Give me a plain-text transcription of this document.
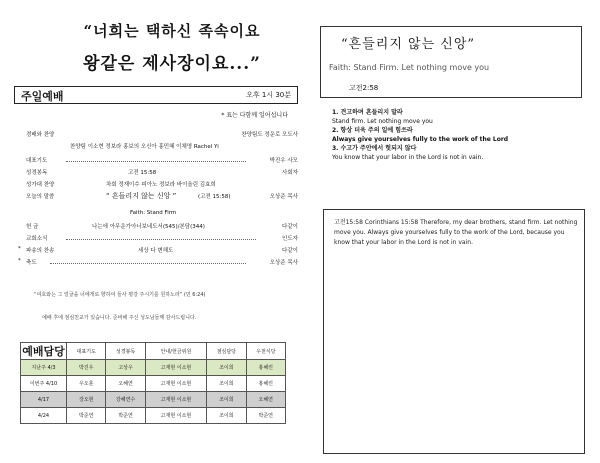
“너희는 택하신 족속이요
왕같은 제사장이요...”
주일예배	오후 1시 30분
* 표는 다함께 일어섭니다
경배와 찬양	찬양팀도 정운로 오도사
찬양팀 이소현 정보라 홍보의 오신아 홍민혜 이채영 Rachel Yi
대표기도	박진우 사모
성경봉독	고전 15:58	사회자
성가대 찬양	차회 정재이수 피아노 정보라 바이올린 김효희
오늘의 말씀	“ 흔들리지 않는 신앙 ”	(고전 15:58)	오상준 목사
Faith: Stand Firm
헌 금	나는에 아무운가아너보네도서(545)/본담(344)	다같이
교회소식	인도자
* 파송의 찬송	세상 다 변해도	다같이
* 축도	오상준 목사
“여호와는 그 얼굴을 너에게로 향하여 들사 평강 주시기를 원하노라” (민 6:24)
예배 후에 점심친교가 있습니다. 준비해 주신 성도님들께 감사드립니다.
예배담당	대표기도	성경봉독	안내/헌금위원	점심담당	우천식당
지난주 4/3	박진우	고상우	고재현 이소현	조이희	홍혜린
이번주 4/10	우오훈	오혜연	고재현 이소현	조이희	홍혜린
4/17	강오현	강혜연수	고재현 이소현	조이희	오혜연
4/24	박준연	박준연	고재현 이소현	조이희	박준연
“흔들리지 않는 신앙”
Faith: Stand Firm. Let nothing move you
고전2:58
1. 견고하며 흔들리지 말라
Stand firm. Let nothing move you
2. 항상 더욱 주의 일에 힘쓰라
Always give yourselves fully to the work of the Lord
3. 수고가 주안에서 헛되지 않다
You know that your labor in the Lord is not in vain.
고전15:58 Corinthians 15:58 Therefore, my dear brothers, stand firm. Let nothing move you. Always give yourselves fully to the work of the Lord, because you know that your labor in the Lord is not in vain.
